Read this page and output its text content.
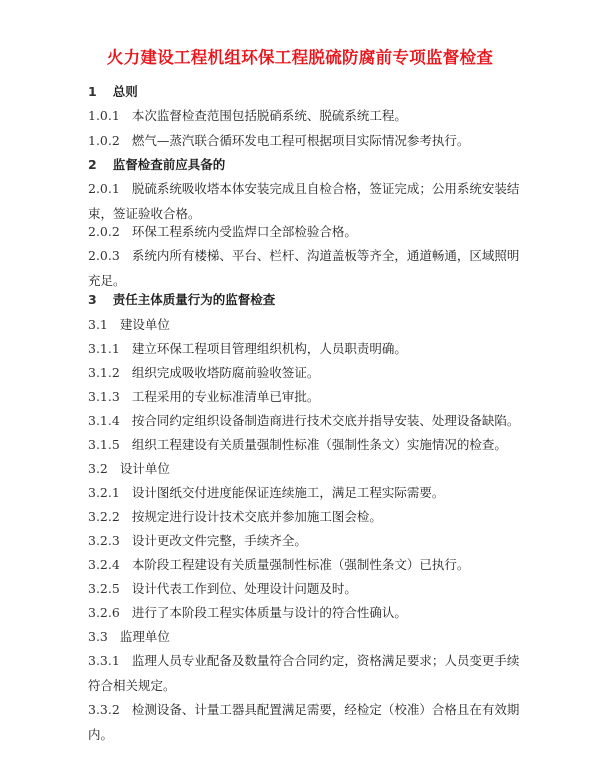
火力建设工程机组环保工程脱硫防腐前专项监督检查
1 总则
1.0.1 本次监督检查范围包括脱硝系统、脱硫系统工程。
1.0.2 燃气—蒸汽联合循环发电工程可根据项目实际情况参考执行。
2 监督检查前应具备的
2.0.1 脱硫系统吸收塔本体安装完成且自检合格，签证完成；公用系统安装结束，签证验收合格。
2.0.2 环保工程系统内受监焊口全部检验合格。
2.0.3 系统内所有楼梯、平台、栏杆、沟道盖板等齐全，通道畅通，区域照明充足。
3 责任主体质量行为的监督检查
3.1 建设单位
3.1.1 建立环保工程项目管理组织机构，人员职责明确。
3.1.2 组织完成吸收塔防腐前验收签证。
3.1.3 工程采用的专业标准清单已审批。
3.1.4 按合同约定组织设备制造商进行技术交底并指导安装、处理设备缺陷。
3.1.5 组织工程建设有关质量强制性标准（强制性条文）实施情况的检查。
3.2 设计单位
3.2.1 设计图纸交付进度能保证连续施工，满足工程实际需要。
3.2.2 按规定进行设计技术交底并参加施工图会检。
3.2.3 设计更改文件完整，手续齐全。
3.2.4 本阶段工程建设有关质量强制性标准（强制性条文）已执行。
3.2.5 设计代表工作到位、处理设计问题及时。
3.2.6 进行了本阶段工程实体质量与设计的符合性确认。
3.3 监理单位
3.3.1 监理人员专业配备及数量符合合同约定，资格满足要求；人员变更手续符合相关规定。
3.3.2 检测设备、计量工器具配置满足需要，经检定（校准）合格且在有效期内。
